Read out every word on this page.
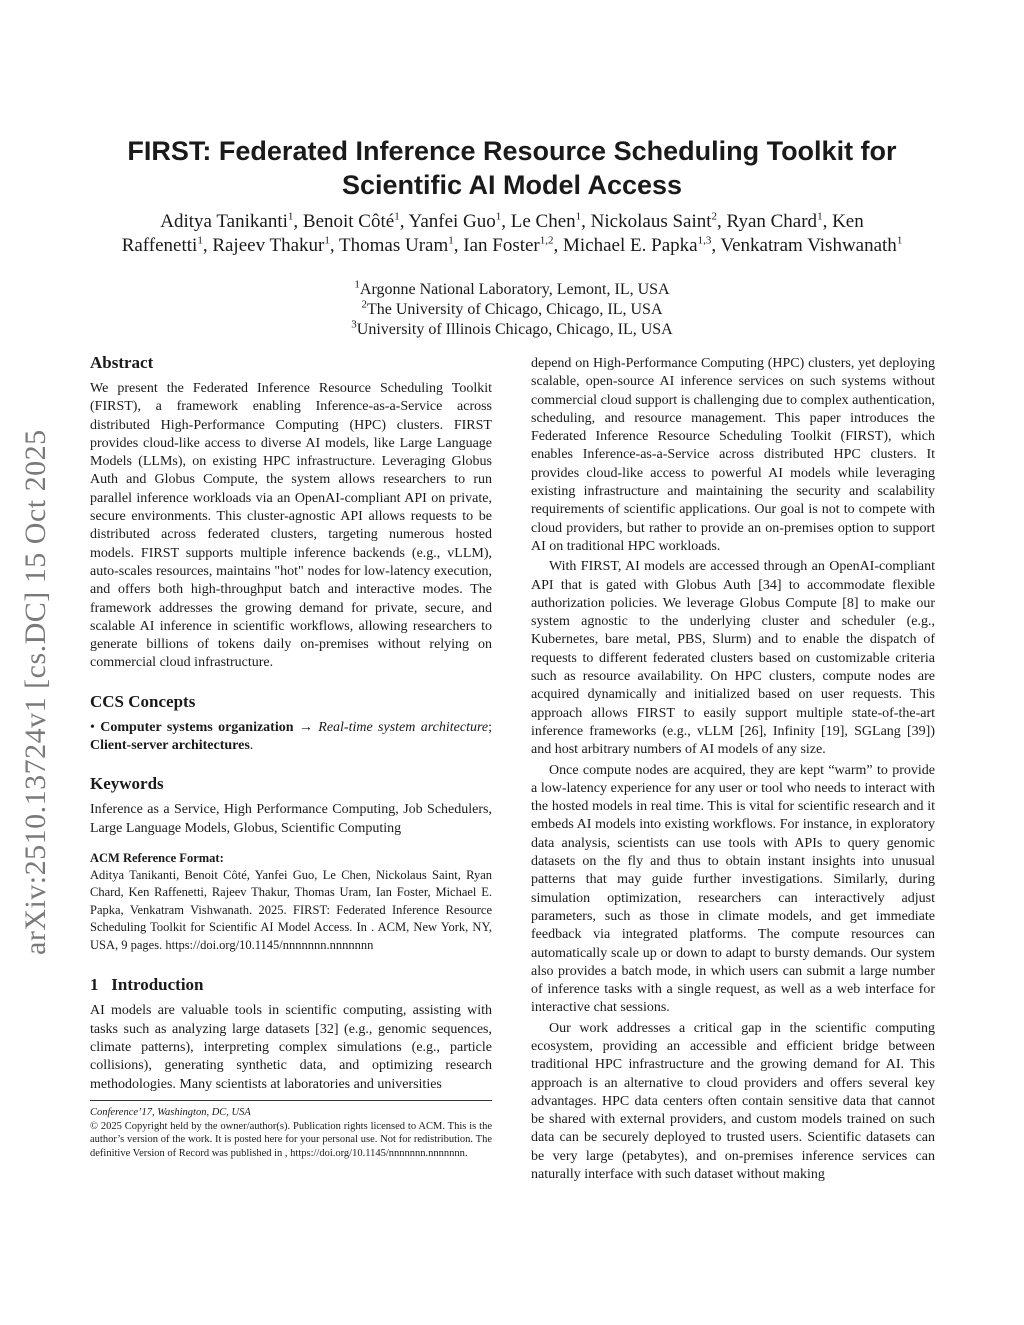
arXiv:2510.13724v1 [cs.DC] 15 Oct 2025
FIRST: Federated Inference Resource Scheduling Toolkit for Scientific AI Model Access
Aditya Tanikanti$^1$, Benoit Côté$^1$, Yanfei Guo$^1$, Le Chen$^1$, Nickolaus Saint$^2$, Ryan Chard$^1$, Ken Raffenetti$^1$, Rajeev Thakur$^1$, Thomas Uram$^1$, Ian Foster$^{1,2}$, Michael E. Papka$^{1,3}$, Venkatram Vishwanath$^1$
$^1$Argonne National Laboratory, Lemont, IL, USA
$^2$The University of Chicago, Chicago, IL, USA
$^3$University of Illinois Chicago, Chicago, IL, USA
Abstract

We present the Federated Inference Resource Scheduling Toolkit (FIRST), a framework enabling Inference-as-a-Service across distributed High-Performance Computing (HPC) clusters. FIRST provides cloud-like access to diverse AI models, like Large Language Models (LLMs), on existing HPC infrastructure. Leveraging Globus Auth and Globus Compute, the system allows researchers to run parallel inference workloads via an OpenAI-compliant API on private, secure environments. This cluster-agnostic API allows requests to be distributed across federated clusters, targeting numerous hosted models. FIRST supports multiple inference backends (e.g., vLLM), auto-scales resources, maintains "hot" nodes for low-latency execution, and offers both high-throughput batch and interactive modes. The framework addresses the growing demand for private, secure, and scalable AI inference in scientific workflows, allowing researchers to generate billions of tokens daily on-premises without relying on commercial cloud infrastructure.

CCS Concepts

• Computer systems organization → Real-time system architecture; Client-server architectures.

Keywords

Inference as a Service, High Performance Computing, Job Schedulers, Large Language Models, Globus, Scientific Computing

ACM Reference Format:

Aditya Tanikanti, Benoit Côté, Yanfei Guo, Le Chen, Nickolaus Saint, Ryan Chard, Ken Raffenetti, Rajeev Thakur, Thomas Uram, Ian Foster, Michael E. Papka, Venkatram Vishwanath. 2025. FIRST: Federated Inference Resource Scheduling Toolkit for Scientific AI Model Access. In . ACM, New York, NY, USA, 9 pages. https://doi.org/10.1145/nnnnnnn.nnnnnnn

1 Introduction

AI models are valuable tools in scientific computing, assisting with tasks such as analyzing large datasets [32] (e.g., genomic sequences, climate patterns), interpreting complex simulations (e.g., particle collisions), generating synthetic data, and optimizing research methodologies. Many scientists at laboratories and universities

depend on High-Performance Computing (HPC) clusters, yet deploying scalable, open-source AI inference services on such systems without commercial cloud support is challenging due to complex authentication, scheduling, and resource management. This paper introduces the Federated Inference Resource Scheduling Toolkit (FIRST), which enables Inference-as-a-Service across distributed HPC clusters. It provides cloud-like access to powerful AI models while leveraging existing infrastructure and maintaining the security and scalability requirements of scientific applications. Our goal is not to compete with cloud providers, but rather to provide an on-premises option to support AI on traditional HPC workloads.

With FIRST, AI models are accessed through an OpenAI-compliant API that is gated with Globus Auth [34] to accommodate flexible authorization policies. We leverage Globus Compute [8] to make our system agnostic to the underlying cluster and scheduler (e.g., Kubernetes, bare metal, PBS, Slurm) and to enable the dispatch of requests to different federated clusters based on customizable criteria such as resource availability. On HPC clusters, compute nodes are acquired dynamically and initialized based on user requests. This approach allows FIRST to easily support multiple state-of-the-art inference frameworks (e.g., vLLM [26], Infinity [19], SGLang [39]) and host arbitrary numbers of AI models of any size.

Once compute nodes are acquired, they are kept “warm” to provide a low-latency experience for any user or tool who needs to interact with the hosted models in real time. This is vital for scientific research and it embeds AI models into existing workflows. For instance, in exploratory data analysis, scientists can use tools with APIs to query genomic datasets on the fly and thus to obtain instant insights into unusual patterns that may guide further investigations. Similarly, during simulation optimization, researchers can interactively adjust parameters, such as those in climate models, and get immediate feedback via integrated platforms. The compute resources can automatically scale up or down to adapt to bursty demands. Our system also provides a batch mode, in which users can submit a large number of inference tasks with a single request, as well as a web interface for interactive chat sessions.

Our work addresses a critical gap in the scientific computing ecosystem, providing an accessible and efficient bridge between traditional HPC infrastructure and the growing demand for AI. This approach is an alternative to cloud providers and offers several key advantages. HPC data centers often contain sensitive data that cannot be shared with external providers, and custom models trained on such data can be securely deployed to trusted users. Scientific datasets can be very large (petabytes), and on-premises inference services can naturally interface with such dataset without making

Conference’17, Washington, DC, USA
© 2025 Copyright held by the owner/author(s). Publication rights licensed to ACM. This is the author’s version of the work. It is posted here for your personal use. Not for redistribution. The definitive Version of Record was published in , https://doi.org/10.1145/nnnnnnn.nnnnnnn.
